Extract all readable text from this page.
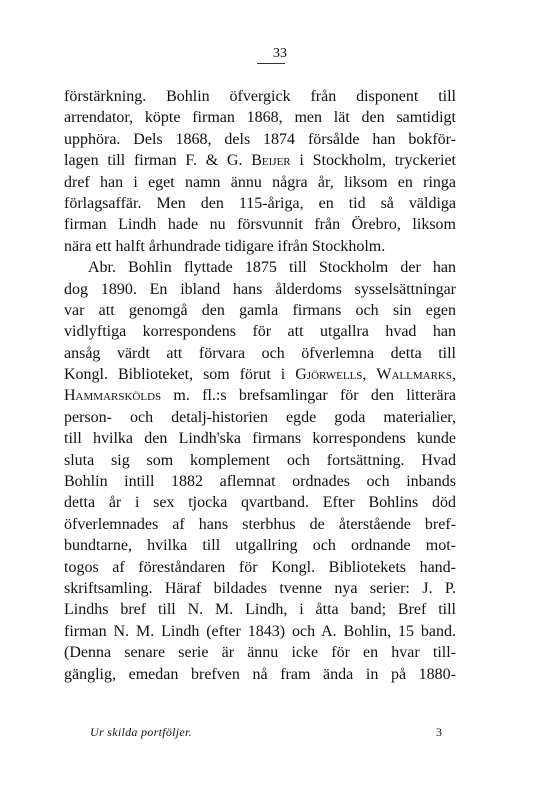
33
förstärkning. Bohlin öfvergick från disponent till
arrendator, köpte firman 1868, men lät den samtidigt
upphöra. Dels 1868, dels 1874 försålde han bokför-
lagen till firman F. & G. Beijer i Stockholm, tryckeriet
dref han i eget namn ännu några år, liksom en ringa
förlagsaffär. Men den 115-åriga, en tid så väldiga
firman Lindh hade nu försvunnit från Örebro, liksom
nära ett halft århundrade tidigare ifrån Stockholm.
Abr. Bohlin flyttade 1875 till Stockholm der han
dog 1890. En ibland hans ålderdoms sysselsättningar
var att genomgå den gamla firmans och sin egen
vidlyftiga korrespondens för att utgallra hvad han
ansåg värdt att förvara och öfverlemna detta till
Kongl. Biblioteket, som förut i Gjörwells, Wallmarks,
Hammarskölds m. fl.:s brefsamlingar för den litterära
person- och detalj-historien egde goda materialier,
till hvilka den Lindh'ska firmans korrespondens kunde
sluta sig som komplement och fortsättning. Hvad
Bohlin intill 1882 aflemnat ordnades och inbands
detta år i sex tjocka qvartband. Efter Bohlins död
öfverlemnades af hans sterbhus de återstående bref-
bundtarne, hvilka till utgallring och ordnande mot-
togos af föreståndaren för Kongl. Bibliotekets hand-
skriftsamling. Häraf bildades tvenne nya serier: J. P.
Lindhs bref till N. M. Lindh, i åtta band; Bref till
firman N. M. Lindh (efter 1843) och A. Bohlin, 15 band.
(Denna senare serie är ännu icke för en hvar till-
gänglig, emedan brefven nå fram ända in på 1880-
Ur skilda portföljer.	3
